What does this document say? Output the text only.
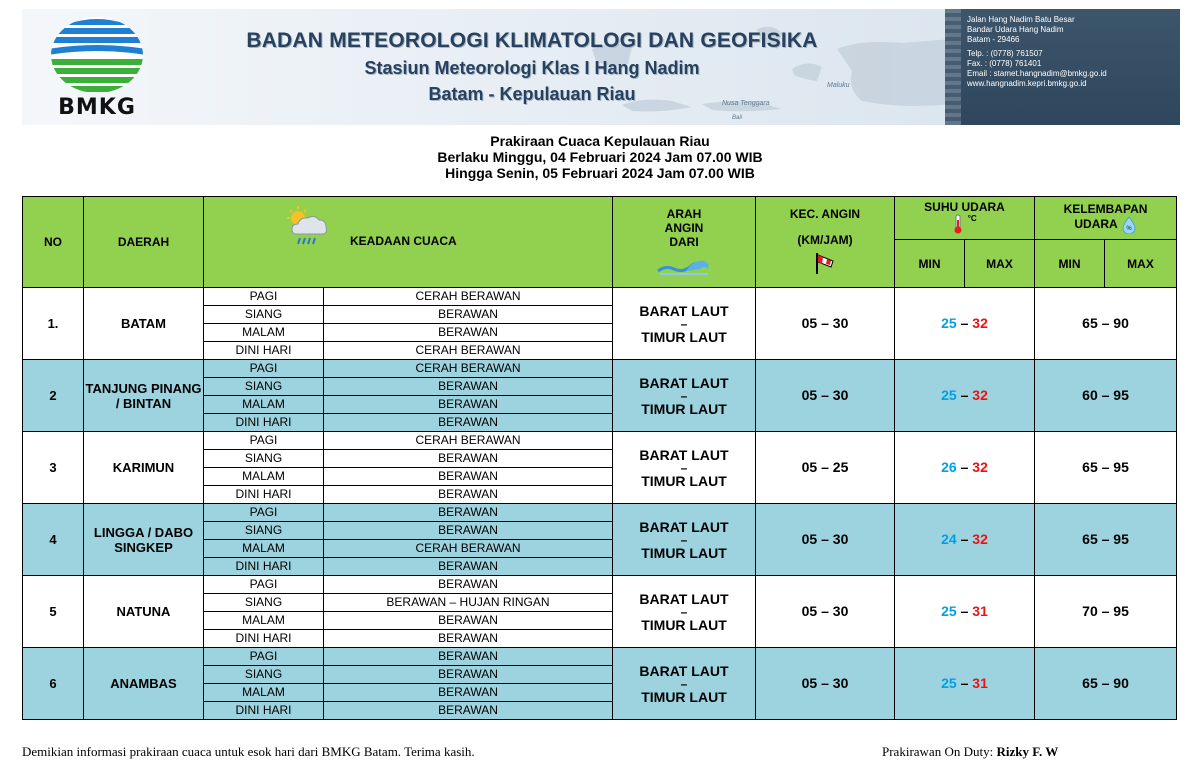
Nusa Tenggara
Maluku
Bali
BMKG
BADAN METEOROLOGI KLIMATOLOGI DAN GEOFISIKA
Stasiun Meteorologi Klas I Hang Nadim
Batam - Kepulauan Riau
Jalan Hang Nadim Batu Besar
Bandar Udara Hang Nadim
Batam - 29466
Telp. : (0778) 761507
Fax. : (0778) 761401
Email : stamet.hangnadim@bmkg.go.id
www.hangnadim.kepri.bmkg.go.id
Prakiraan Cuaca Kepulauan Riau
Berlaku Minggu, 04 Februari 2024 Jam 07.00 WIB
Hingga Senin, 05 Februari 2024 Jam 07.00 WIB
NO	DAERAH	KEADAAN CUACA		ARAH
ANGIN
DARI	KEC. ANGIN
(KM/JAM)	SUHU UDARA
$^{^\circ C}$		KELEMBAPAN
UDARA %	

						MIN	MAX	MIN	MAX
1.	BATAM	PAGI	CERAH BERAWAN	BARAT LAUT
–
TIMUR LAUT	05 – 30	25 – 32		65 – 90	
		SIANG	BERAWAN						
		MALAM	BERAWAN						
		DINI HARI	CERAH BERAWAN						
2	TANJUNG PINANG / BINTAN	PAGI	CERAH BERAWAN	BARAT LAUT
–
TIMUR LAUT	05 – 30	25 – 32		60 – 95	
		SIANG	BERAWAN						
		MALAM	BERAWAN						
		DINI HARI	BERAWAN						
3	KARIMUN	PAGI	CERAH BERAWAN	BARAT LAUT
–
TIMUR LAUT	05 – 25	26 – 32		65 – 95	
		SIANG	BERAWAN						
		MALAM	BERAWAN						
		DINI HARI	BERAWAN						
4	LINGGA / DABO SINGKEP	PAGI	BERAWAN	BARAT LAUT
–
TIMUR LAUT	05 – 30	24 – 32		65 – 95	
		SIANG	BERAWAN						
		MALAM	CERAH BERAWAN						
		DINI HARI	BERAWAN						
5	NATUNA	PAGI	BERAWAN	BARAT LAUT
–
TIMUR LAUT	05 – 30	25 – 31		70 – 95	
		SIANG	BERAWAN – HUJAN RINGAN						
		MALAM	BERAWAN						
		DINI HARI	BERAWAN						
6	ANAMBAS	PAGI	BERAWAN	BARAT LAUT
–
TIMUR LAUT	05 – 30	25 – 31		65 – 90	
		SIANG	BERAWAN						
		MALAM	BERAWAN						
		DINI HARI	BERAWAN						
Demikian informasi prakiraan cuaca untuk esok hari dari BMKG Batam. Terima kasih.	Prakirawan On Duty: Rizky F. W
